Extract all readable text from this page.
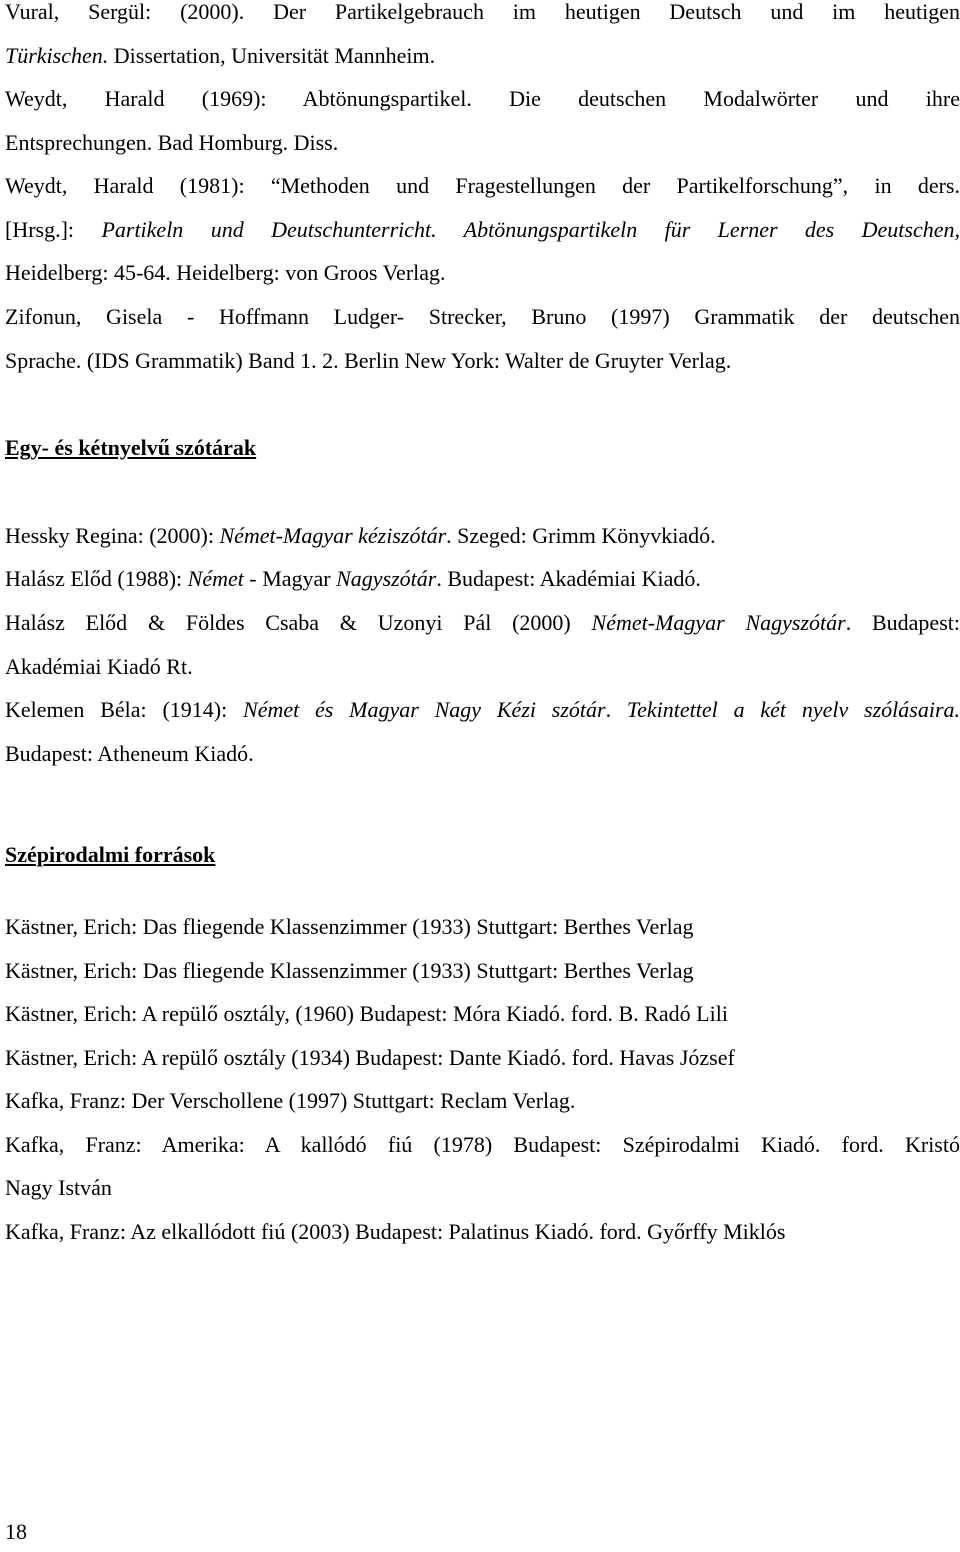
Vural, Sergül: (2000). Der Partikelgebrauch im heutigen Deutsch und im heutigen

Türkischen. Dissertation, Universität Mannheim.

Weydt, Harald (1969): Abtönungspartikel. Die deutschen Modalwörter und ihre

Entsprechungen. Bad Homburg. Diss.

Weydt, Harald (1981): “Methoden und Fragestellungen der Partikelforschung”, in ders.

[Hrsg.]: Partikeln und Deutschunterricht. Abtönungspartikeln für Lerner des Deutschen,

Heidelberg: 45-64. Heidelberg: von Groos Verlag.

Zifonun, Gisela - Hoffmann Ludger- Strecker, Bruno (1997) Grammatik der deutschen

Sprache. (IDS Grammatik) Band 1. 2. Berlin New York: Walter de Gruyter Verlag.

Egy- és kétnyelvű szótárak

Hessky Regina: (2000): Német-Magyar kéziszótár. Szeged: Grimm Könyvkiadó.

Halász Előd (1988): Német - Magyar Nagyszótár. Budapest: Akadémiai Kiadó.

Halász Előd & Földes Csaba & Uzonyi Pál (2000) Német-Magyar Nagyszótár. Budapest:

Akadémiai Kiadó Rt.

Kelemen Béla: (1914): Német és Magyar Nagy Kézi szótár. Tekintettel a két nyelv szólásaira.

Budapest: Atheneum Kiadó.

Szépirodalmi források

Kästner, Erich: Das fliegende Klassenzimmer (1933) Stuttgart: Berthes Verlag

Kästner, Erich: Das fliegende Klassenzimmer (1933) Stuttgart: Berthes Verlag

Kästner, Erich: A repülő osztály, (1960) Budapest: Móra Kiadó. ford. B. Radó Lili

Kästner, Erich: A repülő osztály (1934) Budapest: Dante Kiadó. ford. Havas József

Kafka, Franz: Der Verschollene (1997) Stuttgart: Reclam Verlag.

Kafka, Franz: Amerika: A kallódó fiú (1978) Budapest: Szépirodalmi Kiadó. ford. Kristó

Nagy István

Kafka, Franz: Az elkallódott fiú (2003) Budapest: Palatinus Kiadó. ford. Győrffy Miklós

18
